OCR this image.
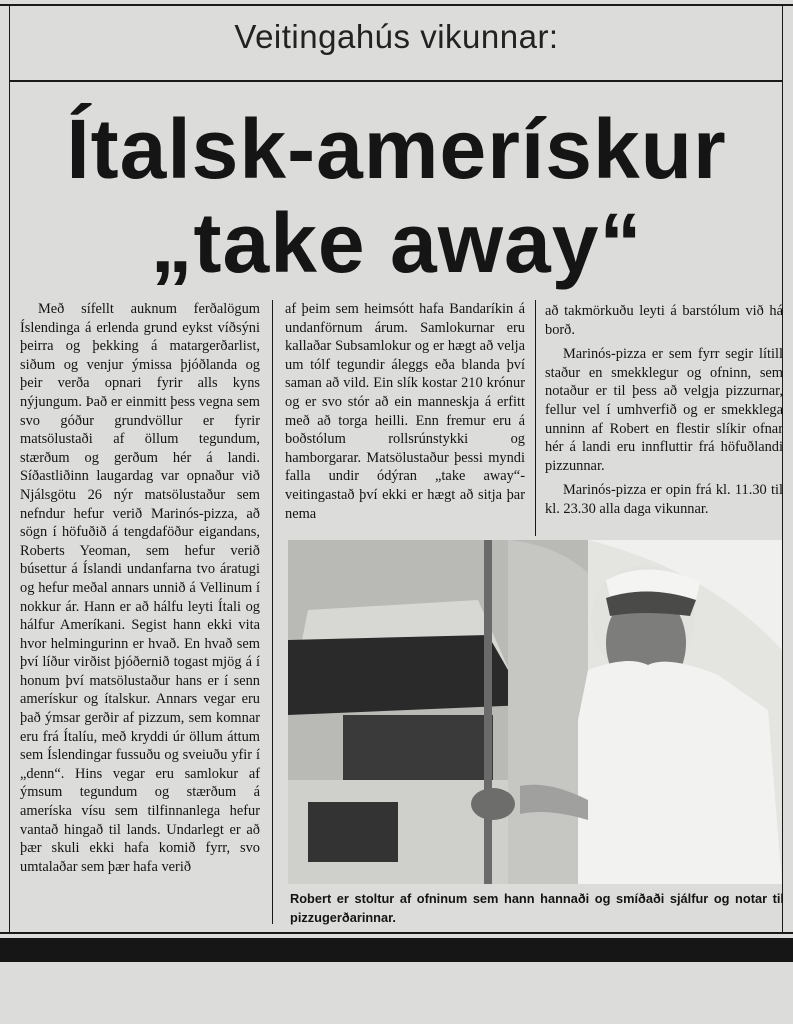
Veitingahús vikunnar:
Ítalsk-amerískur
„take away“

Með sífellt auknum ferðalögum Íslendinga á erlenda grund eykst víðsýni þeirra og þekking á matargerðarlist, siðum og venjur ýmissa þjóðlanda og þeir verða opnari fyrir alls kyns nýjungum. Það er einmitt þess vegna sem svo góður grundvöllur er fyrir matsölustaði af öllum tegundum, stærðum og gerðum hér á landi. Síðastliðinn laugardag var opnaður við Njálsgötu 26 nýr matsölustaður sem nefndur hefur verið Marinós-pizza, að sögn í höfuðið á tengdaföður eigandans, Roberts Yeoman, sem hefur verið búsettur á Íslandi undanfarna tvo áratugi og hefur meðal annars unnið á Vellinum í nokkur ár. Hann er að hálfu leyti Ítali og hálfur Ameríkani. Segist hann ekki vita hvor helmingurinn er hvað. En hvað sem því líður virðist þjóðernið togast mjög á í honum því matsölustaður hans er í senn amerískur og ítalskur. Annars vegar eru það ýmsar gerðir af pizzum, sem komnar eru frá Ítalíu, með kryddi úr öllum áttum sem Íslendingar fussuðu og sveiuðu yfir í „denn“. Hins vegar eru samlokur af ýmsum tegundum og stærðum á ameríska vísu sem tilfinnanlega hefur vantað hingað til lands. Undarlegt er að þær skuli ekki hafa komið fyrr, svo umtalaðar sem þær hafa verið

af þeim sem heimsótt hafa Bandaríkin á undanförnum árum. Samlokurnar eru kallaðar Subsamlokur og er hægt að velja um tólf tegundir áleggs eða blanda því saman að vild. Ein slík kostar 210 krónur og er svo stór að ein manneskja á erfitt með að torga heilli. Enn fremur eru á boðstólum rollsrúnstykki og hamborgarar. Matsölustaður þessi myndi falla undir ódýran „take away“-veitingastað því ekki er hægt að sitja þar nema

að takmörkuðu leyti á barstólum við há borð.

Marinós-pizza er sem fyrr segir lítill staður en smekklegur og ofninn, sem notaður er til þess að velgja pizzurnar, fellur vel í umhverfið og er smekklega unninn af Robert en flestir slíkir ofnar hér á landi eru innfluttir frá höfuðlandi pizzunnar.

Marinós-pizza er opin frá kl. 11.30 til kl. 23.30 alla daga vikunnar.

Robert er stoltur af ofninum sem hann hannaði og smíðaði sjálfur og notar til pizzugerðarinnar.
